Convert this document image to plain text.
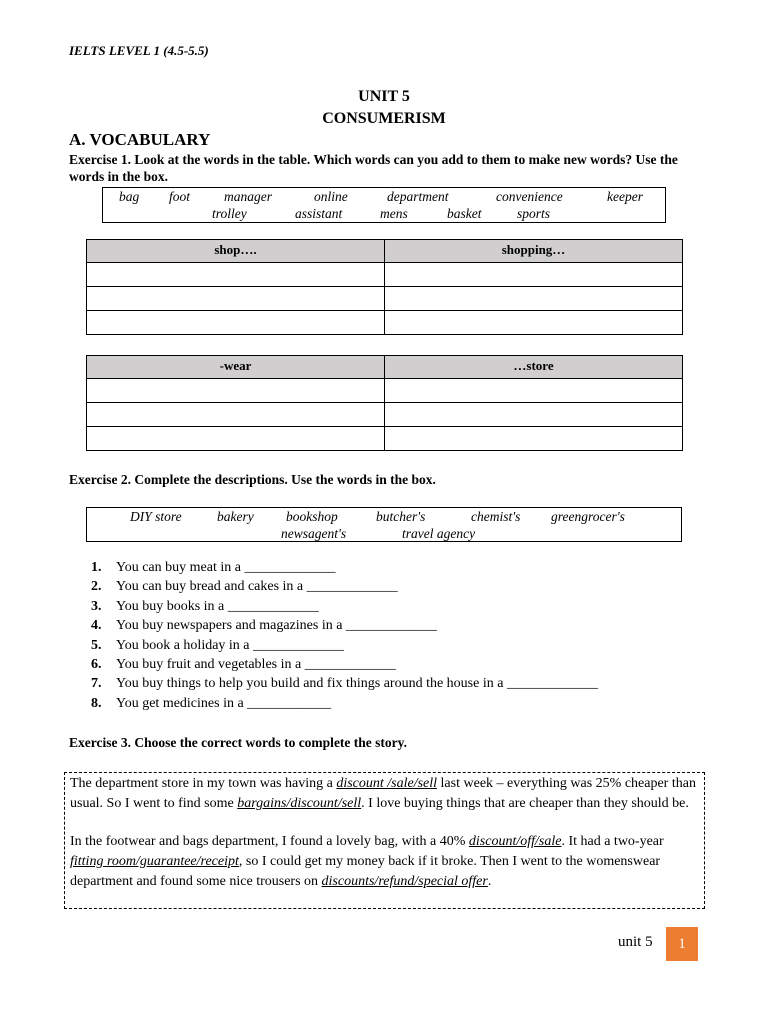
IELTS LEVEL 1 (4.5-5.5)
UNIT 5
CONSUMERISM
A. VOCABULARY
Exercise 1. Look at the words in the table. Which words can you add to them to make new words? Use the words in the box.
bag foot	manager	online	department	convenience	keeper
trolley	assistant	mens	basket	sports
shop….	shopping…

-wear	…store

Exercise 2. Complete the descriptions. Use the words in the box.
DIY store	bakery bookshop	butcher's	chemist's greengrocer's
newsagent's	travel agency
1. You can buy meat in a _____________
2. You can buy bread and cakes in a _____________
3. You buy books in a _____________
4. You buy newspapers and magazines in a _____________
5. You book a holiday in a _____________
6. You buy fruit and vegetables in a _____________
7. You buy things to help you build and fix things around the house in a _____________
8. You get medicines in a ____________
Exercise 3. Choose the correct words to complete the story.

The department store in my town was having a discount /sale/sell last week – everything was 25% cheaper than usual. So I went to find some bargains/discount/sell. I love buying things that are cheaper than they should be.

In the footwear and bags department, I found a lovely bag, with a 40% discount/off/sale. It had a two-year fitting room/guarantee/receipt, so I could get my money back if it broke. Then I went to the womenswear department and found some nice trousers on discounts/refund/special offer.

unit 5	1
